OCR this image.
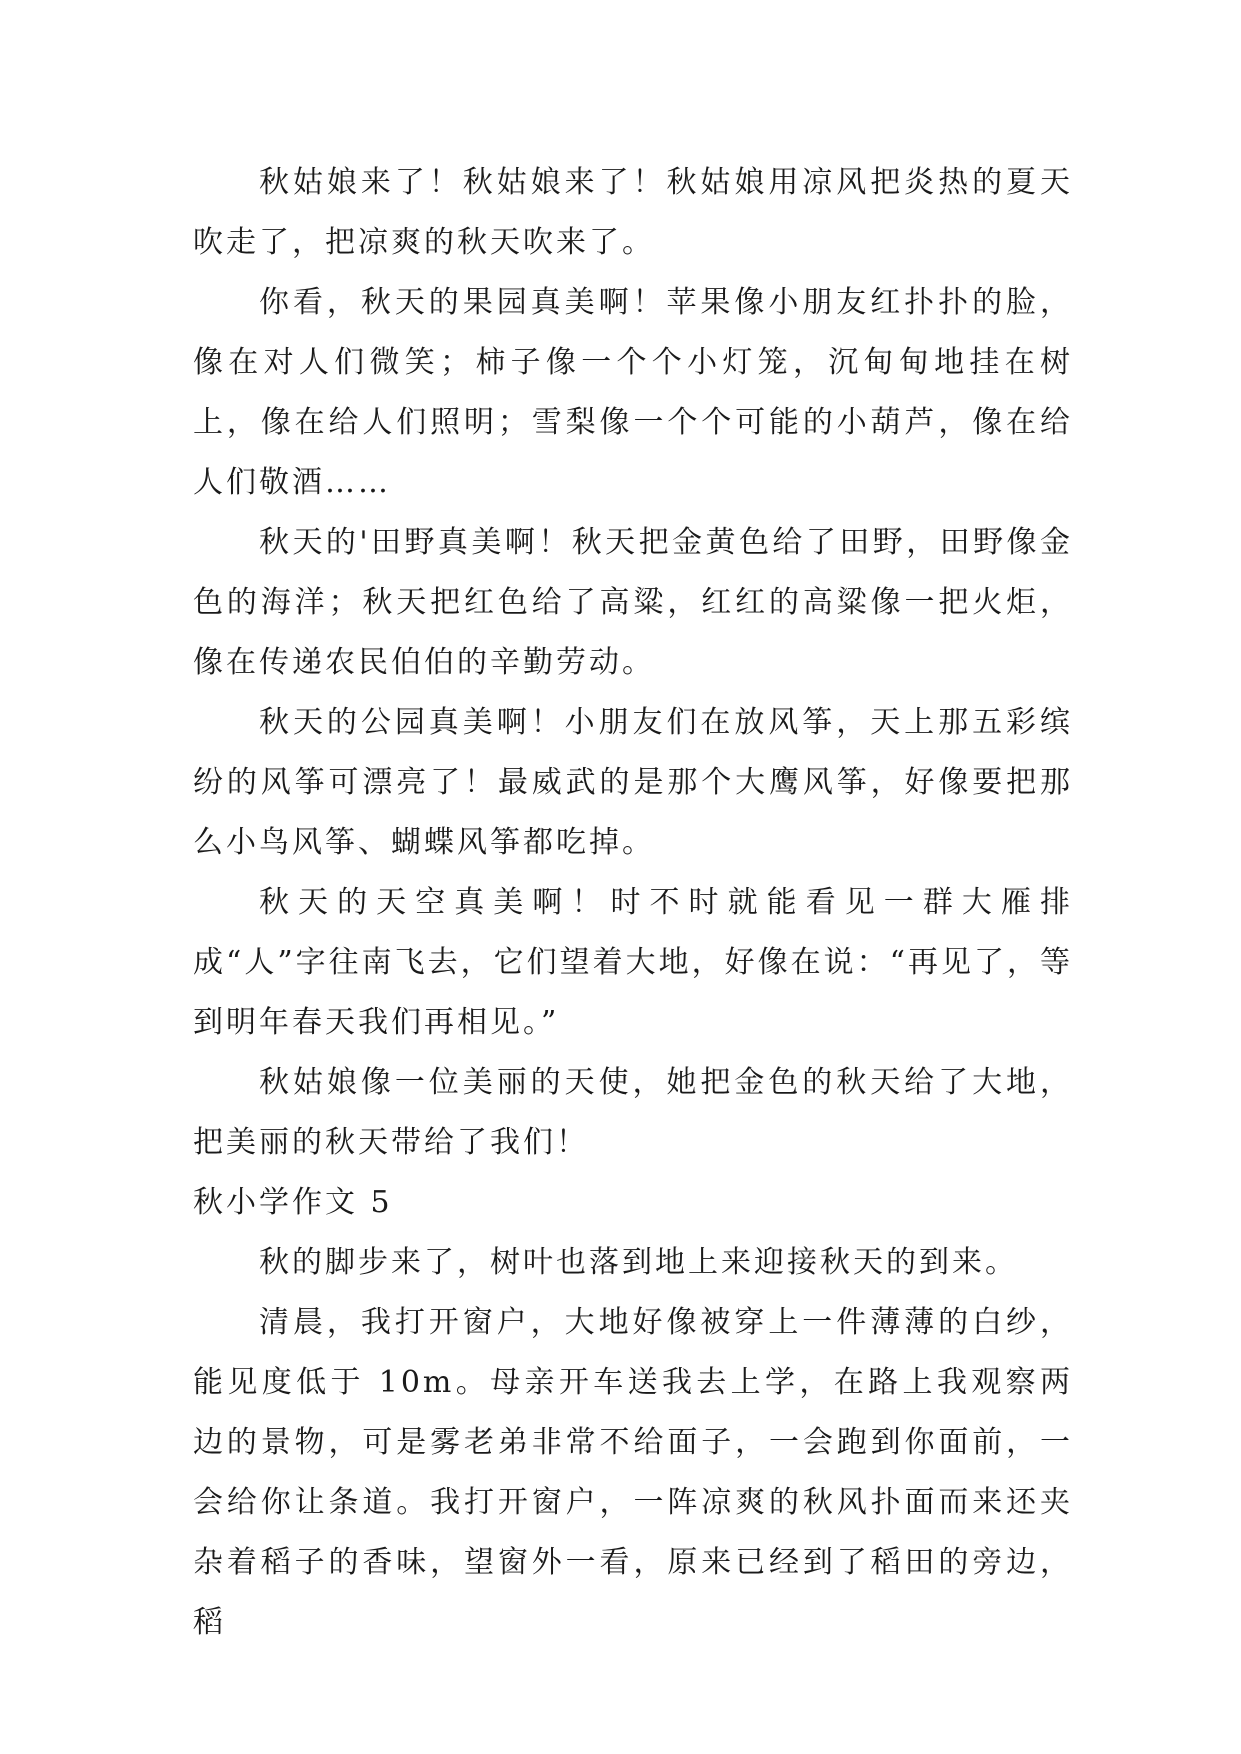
秋姑娘来了！秋姑娘来了！秋姑娘用凉风把炎热的夏天吹走了，把凉爽的秋天吹来了。

你看，秋天的果园真美啊！苹果像小朋友红扑扑的脸，像在对人们微笑；柿子像一个个小灯笼，沉甸甸地挂在树上，像在给人们照明；雪梨像一个个可能的小葫芦，像在给人们敬酒……

秋天的'田野真美啊！秋天把金黄色给了田野，田野像金色的海洋；秋天把红色给了高粱，红红的高粱像一把火炬，像在传递农民伯伯的辛勤劳动。

秋天的公园真美啊！小朋友们在放风筝，天上那五彩缤纷的风筝可漂亮了！最威武的是那个大鹰风筝，好像要把那么小鸟风筝、蝴蝶风筝都吃掉。

秋天的天空真美啊！时不时就能看见一群大雁排成“人”字往南飞去，它们望着大地，好像在说：“再见了，等到明年春天我们再相见。”

秋姑娘像一位美丽的天使，她把金色的秋天给了大地，把美丽的秋天带给了我们！

秋小学作文 5

秋的脚步来了，树叶也落到地上来迎接秋天的到来。

清晨，我打开窗户，大地好像被穿上一件薄薄的白纱，能见度低于 10m。母亲开车送我去上学，在路上我观察两边的景物，可是雾老弟非常不给面子，一会跑到你面前，一会给你让条道。我打开窗户，一阵凉爽的秋风扑面而来还夹杂着稻子的香味，望窗外一看，原来已经到了稻田的旁边，稻
